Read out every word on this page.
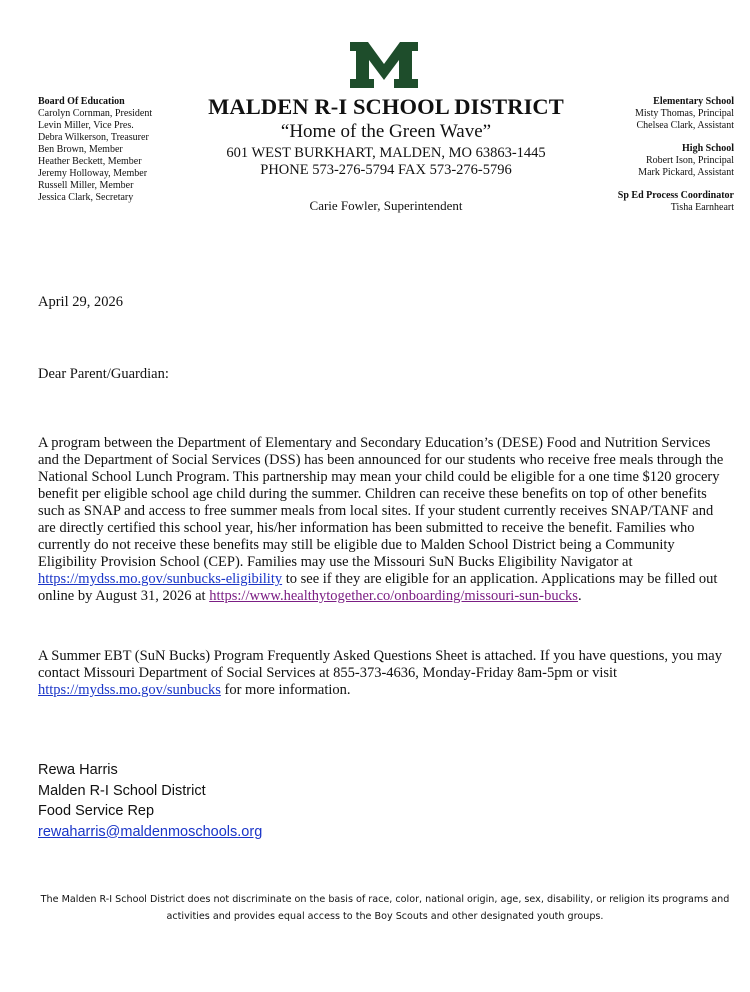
Board Of Education
Carolyn Cornman, President
Levin Miller, Vice Pres.
Debra Wilkerson, Treasurer
Ben Brown, Member
Heather Beckett, Member
Jeremy Holloway, Member
Russell Miller, Member
Jessica Clark, Secretary
MALDEN R-I SCHOOL DISTRICT
“Home of the Green Wave”
601 WEST BURKHART, MALDEN, MO 63863-1445
PHONE 573-276-5794 FAX 573-276-5796
Carie Fowler, Superintendent
Elementary School
Misty Thomas, Principal
Chelsea Clark, Assistant
High School
Robert Ison, Principal
Mark Pickard, Assistant
Sp Ed Process Coordinator
Tisha Earnheart
April 29, 2026
Dear Parent/Guardian:
A program between the Department of Elementary and Secondary Education’s (DESE) Food and Nutrition Services and the Department of Social Services (DSS) has been announced for our students who receive free meals through the National School Lunch Program. This partnership may mean your child could be eligible for a one time $120 grocery benefit per eligible school age child during the summer. Children can receive these benefits on top of other benefits such as SNAP and access to free summer meals from local sites. If your student currently receives SNAP/TANF and are directly certified this school year, his/her information has been submitted to receive the benefit. Families who currently do not receive these benefits may still be eligible due to Malden School District being a Community Eligibility Provision School (CEP). Families may use the Missouri SuN Bucks Eligibility Navigator at https://mydss.mo.gov/sunbucks-eligibility to see if they are eligible for an application. Applications may be filled out online by August 31, 2026 at https://www.healthytogether.co/onboarding/missouri-sun-bucks.
A Summer EBT (SuN Bucks) Program Frequently Asked Questions Sheet is attached. If you have questions, you may contact Missouri Department of Social Services at 855-373-4636, Monday-Friday 8am-5pm or visit https://mydss.mo.gov/sunbucks for more information.
Rewa Harris
Malden R-I School District
Food Service Rep
rewaharris@maldenmoschools.org
The Malden R-I School District does not discriminate on the basis of race, color, national origin, age, sex, disability, or religion its programs and
activities and provides equal access to the Boy Scouts and other designated youth groups.
